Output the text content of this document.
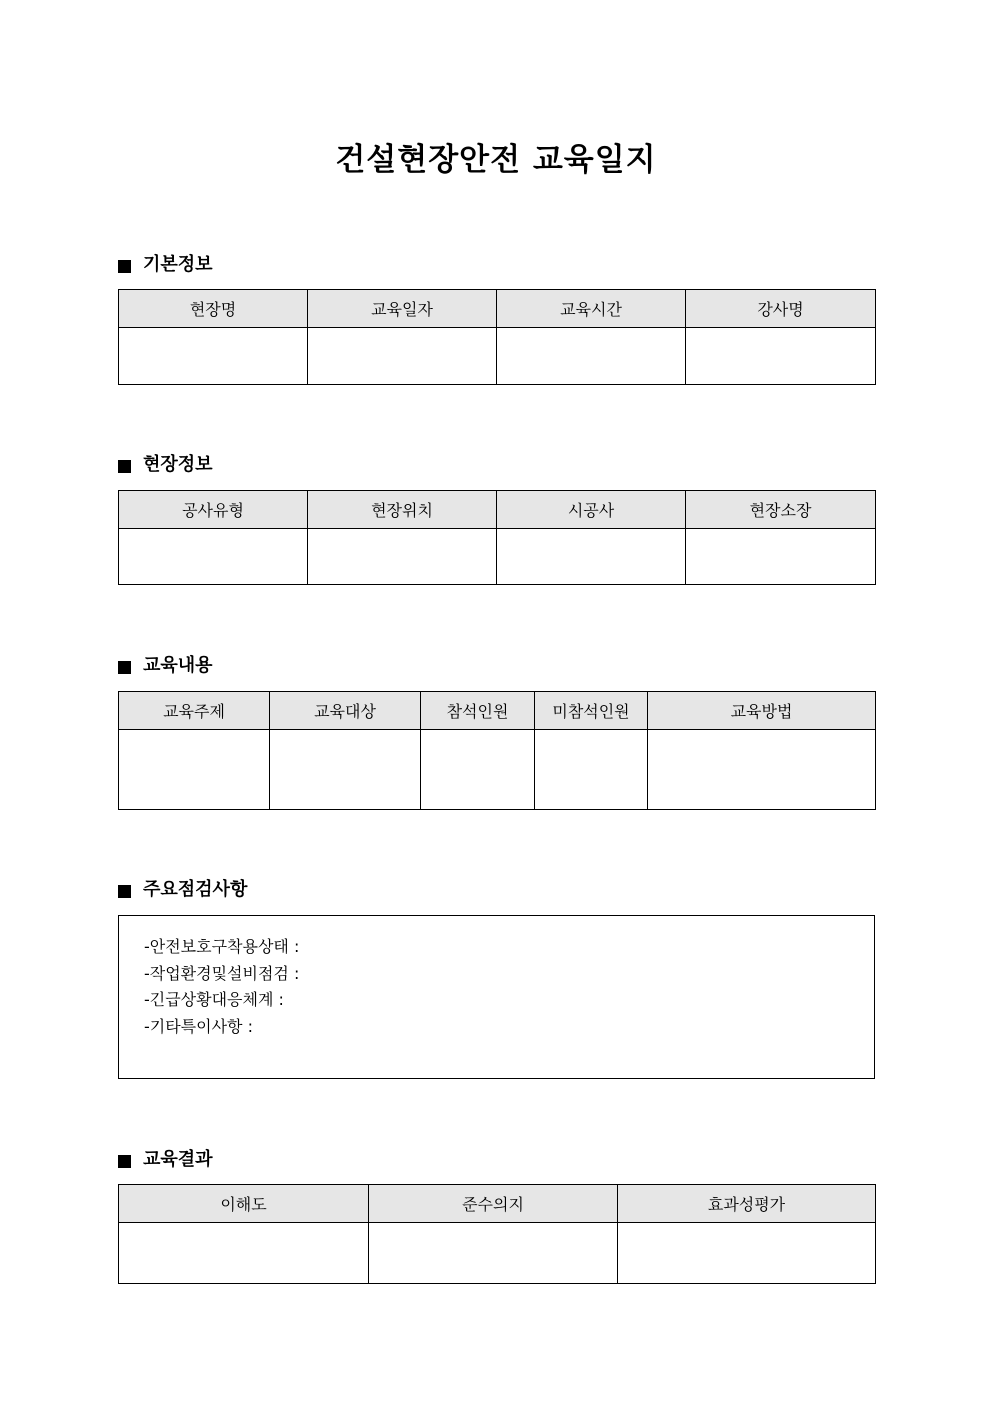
건설현장안전 교육일지
기본정보
현장명	교육일자	교육시간	강사명

현장정보
공사유형	현장위치	시공사	현장소장

교육내용
교육주제	교육대상	참석인원	미참석인원	교육방법

주요점검사항
-안전보호구착용상태 :
-작업환경및설비점검 :
-긴급상황대응체계 :
-기타특이사항 :
교육결과
이해도	준수의지	효과성평가
